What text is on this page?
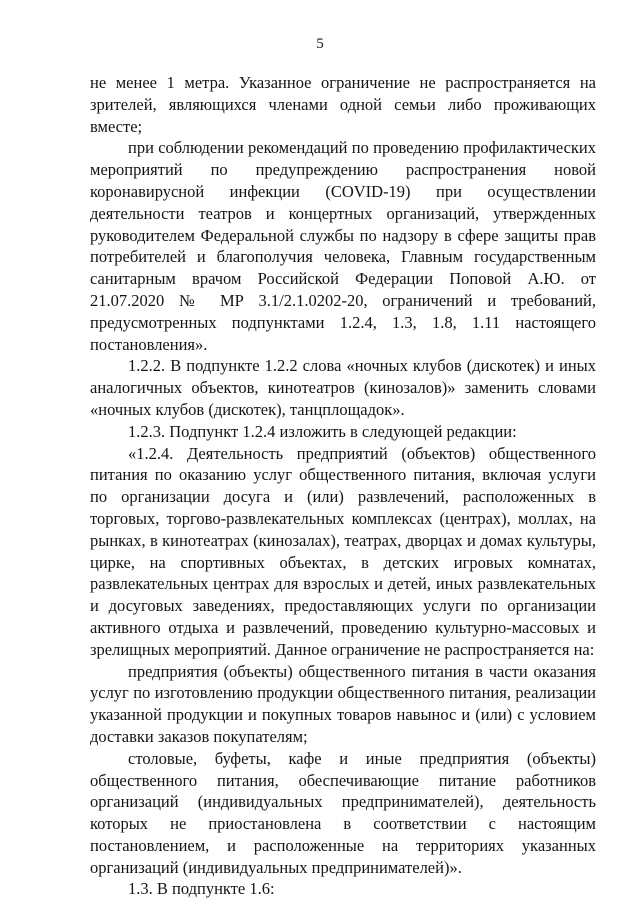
5

не менее 1 метра. Указанное ограничение не распространяется на зрителей, являющихся членами одной семьи либо проживающих вместе;

при соблюдении рекомендаций по проведению профилактических мероприятий по предупреждению распространения новой коронавирусной инфекции (COVID-19) при осуществлении деятельности театров и концертных организаций, утвержденных руководителем Федеральной службы по надзору в сфере защиты прав потребителей и благополучия человека, Главным государственным санитарным врачом Российской Федерации Поповой А.Ю. от 21.07.2020 № МР 3.1/2.1.0202-20, ограничений и требований, предусмотренных подпунктами 1.2.4, 1.3, 1.8, 1.11 настоящего постановления».

1.2.2. В подпункте 1.2.2 слова «ночных клубов (дискотек) и иных аналогичных объектов, кинотеатров (кинозалов)» заменить словами «ночных клубов (дискотек), танцплощадок».

1.2.3. Подпункт 1.2.4 изложить в следующей редакции:

«1.2.4. Деятельность предприятий (объектов) общественного питания по оказанию услуг общественного питания, включая услуги по организации досуга и (или) развлечений, расположенных в торговых, торгово-развлекательных комплексах (центрах), моллах, на рынках, в кинотеатрах (кинозалах), театрах, дворцах и домах культуры, цирке, на спортивных объектах, в детских игровых комнатах, развлекательных центрах для взрослых и детей, иных развлекательных и досуговых заведениях, предоставляющих услуги по организации активного отдыха и развлечений, проведению культурно-массовых и зрелищных мероприятий. Данное ограничение не распространяется на:

предприятия (объекты) общественного питания в части оказания услуг по изготовлению продукции общественного питания, реализации указанной продукции и покупных товаров навынос и (или) с условием доставки заказов покупателям;

столовые, буфеты, кафе и иные предприятия (объекты) общественного питания, обеспечивающие питание работников организаций (индивидуальных предпринимателей), деятельность которых не приостановлена в соответствии с настоящим постановлением, и расположенные на территориях указанных организаций (индивидуальных предпринимателей)».

1.3. В подпункте 1.6:
